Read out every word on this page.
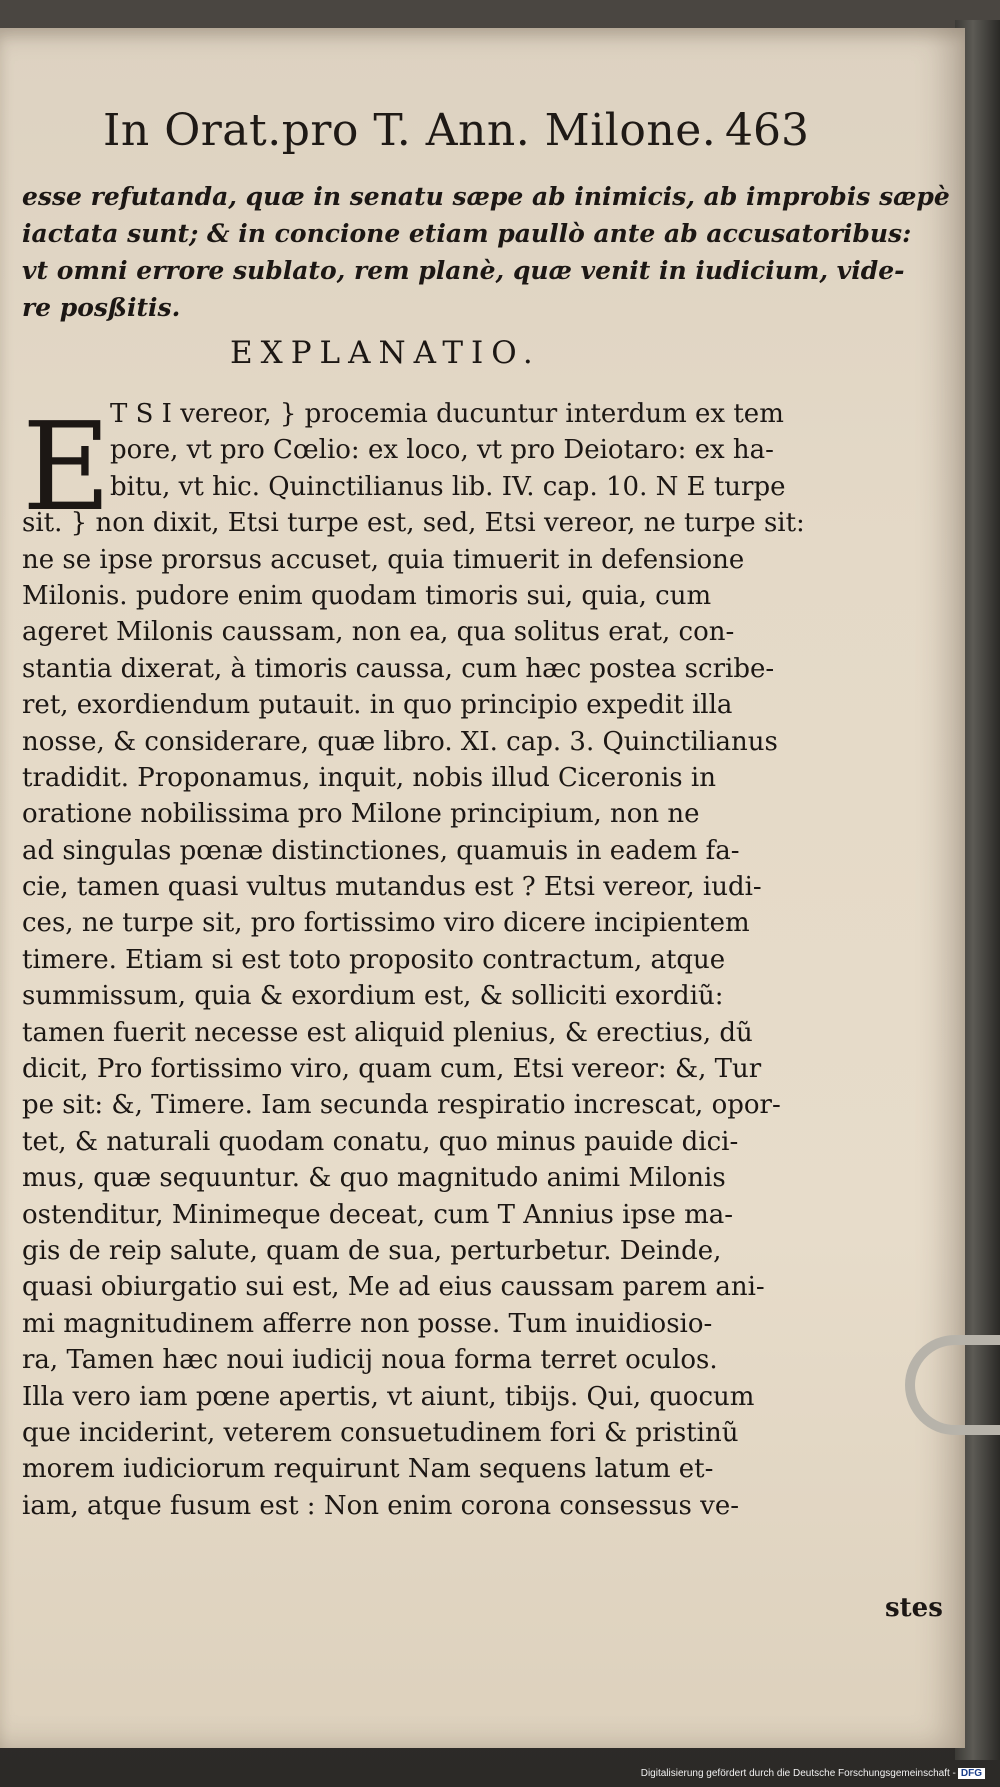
In Orat.pro T. Ann. Milone. 463
esse refutanda, quæ in senatu sæpe ab inimicis, ab improbis sæpè
iactata sunt; & in concione etiam paullò ante ab accusatoribus:
vt omni errore sublato, rem planè, quæ venit in iudicium, vide-
re posßitis.
EXPLANATIO.
E
T S I vereor, } procemia ducuntur interdum ex tem
pore, vt pro Cœlio: ex loco, vt pro Deiotaro: ex ha-
bitu, vt hic. Quinctilianus lib. IV. cap. 10. N E turpe
sit. } non dixit, Etsi turpe est, sed, Etsi vereor, ne turpe sit:
ne se ipse prorsus accuset, quia timuerit in defensione
Milonis. pudore enim quodam timoris sui, quia, cum
ageret Milonis caussam, non ea, qua solitus erat, con-
stantia dixerat, à timoris caussa, cum hæc postea scribe-
ret, exordiendum putauit. in quo principio expedit illa
nosse, & considerare, quæ libro. XI. cap. 3. Quinctilianus
tradidit. Proponamus, inquit, nobis illud Ciceronis in
oratione nobilissima pro Milone principium, non ne
ad singulas pœnæ distinctiones, quamuis in eadem fa-
cie, tamen quasi vultus mutandus est ? Etsi vereor, iudi-
ces, ne turpe sit, pro fortissimo viro dicere incipientem
timere. Etiam si est toto proposito contractum, atque
summissum, quia & exordium est, & solliciti exordiũ:
tamen fuerit necesse est aliquid plenius, & erectius, dũ
dicit, Pro fortissimo viro, quam cum, Etsi vereor: &, Tur
pe sit: &, Timere. Iam secunda respiratio increscat, opor-
tet, & naturali quodam conatu, quo minus pauide dici-
mus, quæ sequuntur. & quo magnitudo animi Milonis
ostenditur, Minimeque deceat, cum T Annius ipse ma-
gis de reip salute, quam de sua, perturbetur. Deinde,
quasi obiurgatio sui est, Me ad eius caussam parem ani-
mi magnitudinem afferre non posse. Tum inuidiosio-
ra, Tamen hæc noui iudicij noua forma terret oculos.
Illa vero iam pœne apertis, vt aiunt, tibijs. Qui, quocum
que inciderint, veterem consuetudinem fori & pristinũ
morem iudiciorum requirunt Nam sequens latum et-
iam, atque fusum est : Non enim corona consessus ve-
stes
Digitalisierung gefördert durch die Deutsche Forschungsgemeinschaft - DFG
